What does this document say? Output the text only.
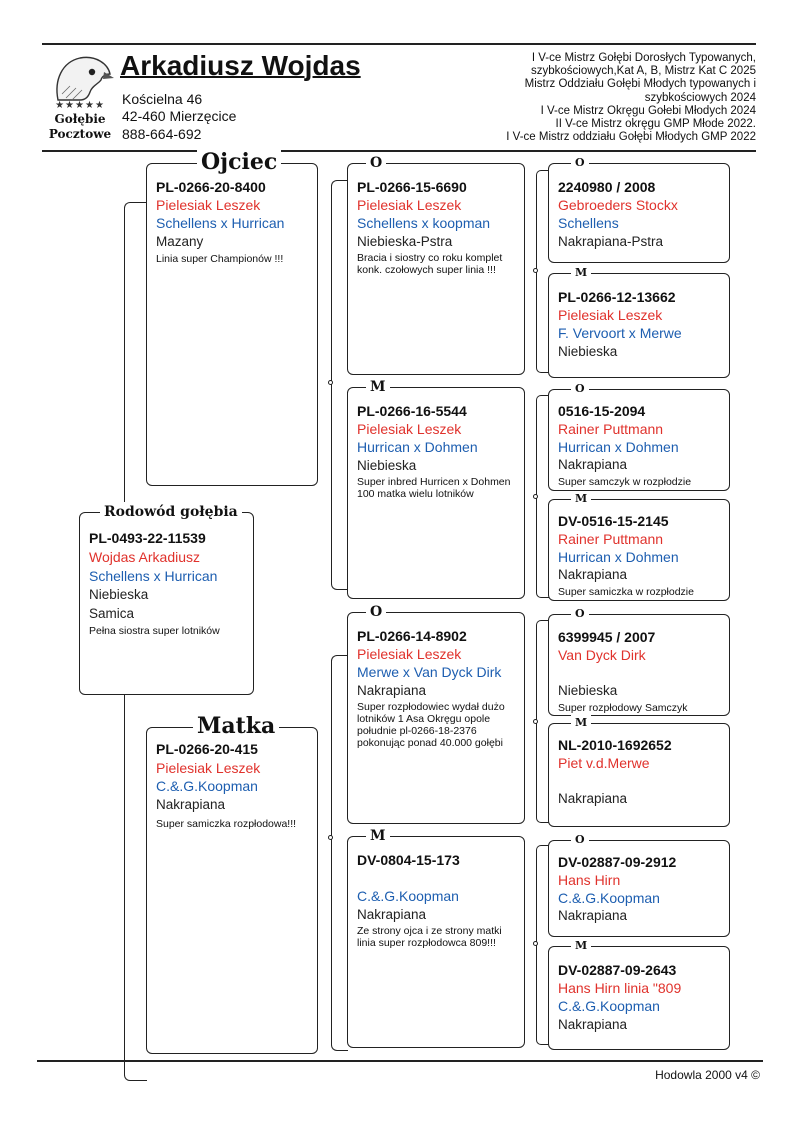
★★★★★
Gołębie
Pocztowe
Arkadiusz Wojdas
Kościelna 46
42-460 Mierzęcice
888-664-692
I V-ce Mistrz Gołębi Dorosłych Typowanych,
szybkościowych,Kat A, B, Mistrz Kat C 2025
Mistrz Oddziału Gołębi Młodych typowanych i
szybkościowych 2024
I V-ce Mistrz Okręgu Gołebi Młodych 2024
II V-ce Mistrz okręgu GMP Młode 2022.
I V-ce Mistrz oddziału Gołębi Młodych GMP 2022
Rodowód gołębia
PL-0493-22-11539
Wojdas Arkadiusz
Schellens x Hurrican
Niebieska
Samica
Pełna siostra super lotników
Ojciec
PL-0266-20-8400
Pielesiak Leszek
Schellens x Hurrican
Mazany
Linia super Championów !!!
Matka
PL-0266-20-415
Pielesiak Leszek
C.&.G.Koopman
Nakrapiana
Super samiczka rozpłodowa!!!
O
PL-0266-15-6690
Pielesiak Leszek
Schellens x koopman
Niebieska-Pstra
Bracia i siostry co roku komplet konk. czołowych super linia !!!
M
PL-0266-16-5544
Pielesiak Leszek
Hurrican x Dohmen
Niebieska
Super inbred Hurricen x Dohmen 100 matka wielu lotników
O
PL-0266-14-8902
Pielesiak Leszek
Merwe x Van Dyck Dirk
Nakrapiana
Super rozpłodowiec wydał dużo lotników 1 Asa Okręgu opole południe pl-0266-18-2376 pokonując ponad 40.000 gołębi
M
DV-0804-15-173
C.&.G.Koopman
Nakrapiana
Ze strony ojca i ze strony matki linia super rozpłodowca 809!!!
O
2240980 / 2008
Gebroeders Stockx
Schellens
Nakrapiana-Pstra
M
PL-0266-12-13662
Pielesiak Leszek
F. Vervoort x Merwe
Niebieska
O
0516-15-2094
Rainer Puttmann
Hurrican x Dohmen
Nakrapiana
Super samczyk w rozpłodzie
M
DV-0516-15-2145
Rainer Puttmann
Hurrican x Dohmen
Nakrapiana
Super samiczka w rozpłodzie
O
6399945 / 2007
Van Dyck Dirk
Niebieska
Super rozpłodowy Samczyk
M
NL-2010-1692652
Piet v.d.Merwe
Nakrapiana
O
DV-02887-09-2912
Hans Hirn
C.&.G.Koopman
Nakrapiana
M
DV-02887-09-2643
Hans Hirn linia "809
C.&.G.Koopman
Nakrapiana
Hodowla 2000 v4 ©
